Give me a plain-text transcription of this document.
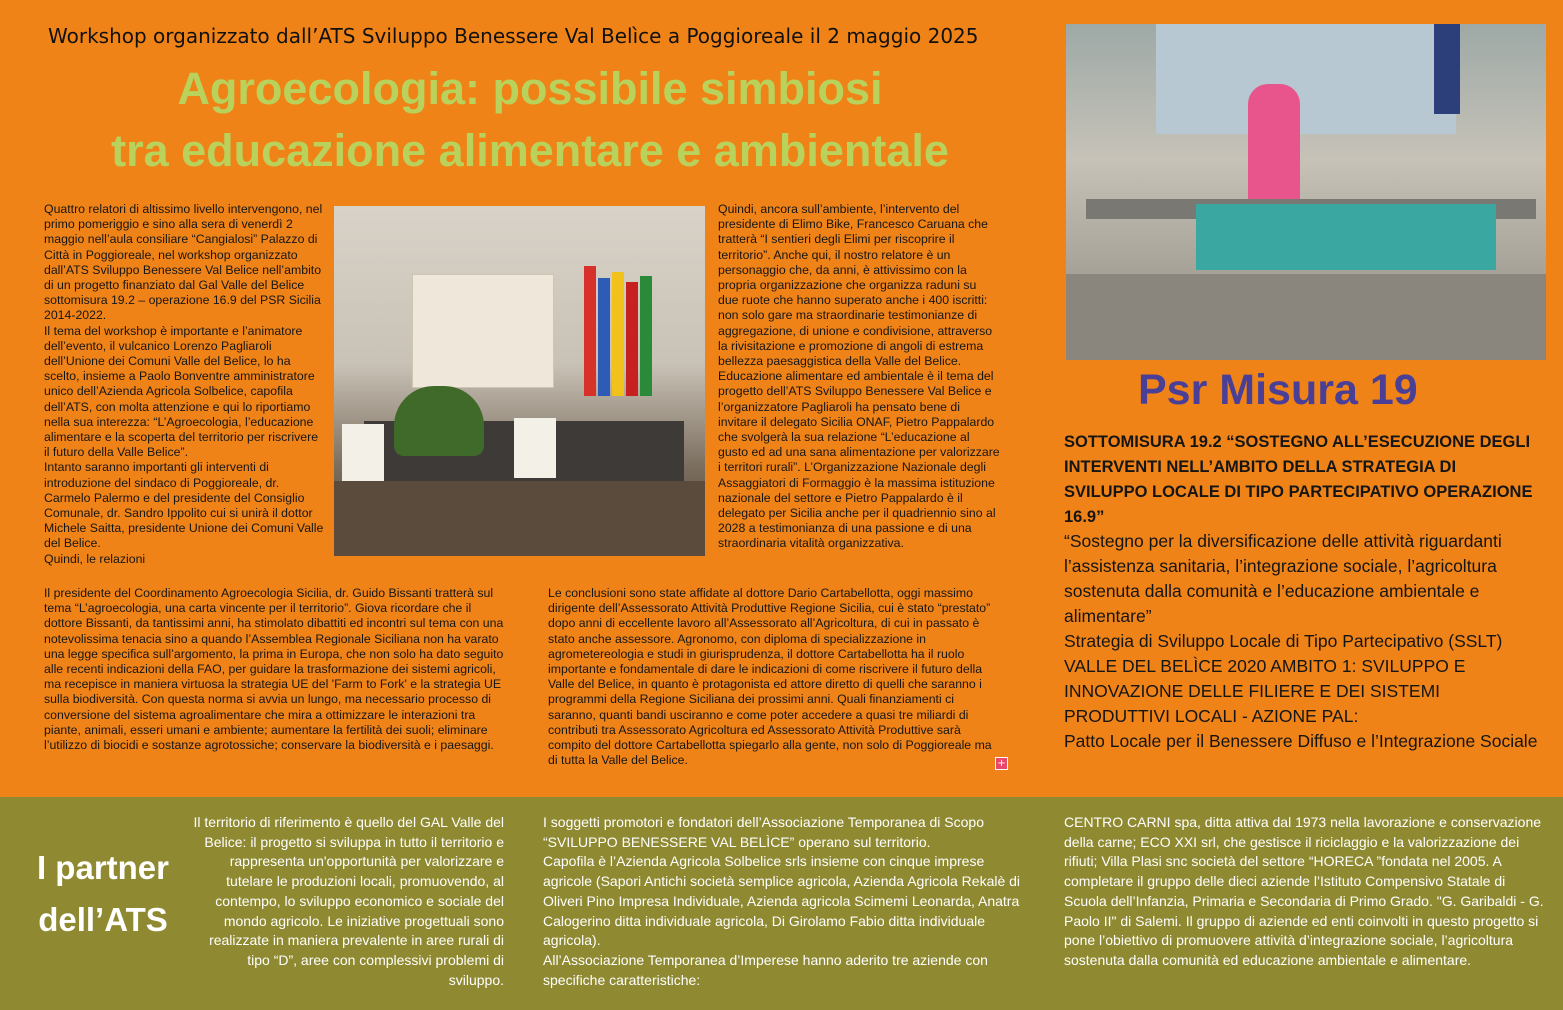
Workshop organizzato dall’ATS Sviluppo Benessere Val Belìce a Poggioreale il 2 maggio 2025
Agroecologia: possibile simbiosi
tra educazione alimentare e ambientale

Quattro relatori di altissimo livello intervengono, nel primo pomeriggio e sino alla sera di venerdì 2 maggio nell’aula consiliare “Cangialosi” Palazzo di Città in Poggioreale, nel workshop organizzato dall’ATS Sviluppo Benessere Val Belice nell’ambito di un progetto finanziato dal Gal Valle del Belice sottomisura 19.2 – operazione 16.9 del PSR Sicilia 2014-2022.

Il tema del workshop è importante e l’animatore dell’evento, il vulcanico Lorenzo Pagliaroli dell’Unione dei Comuni Valle del Belice, lo ha scelto, insieme a Paolo Bonventre amministratore unico dell’Azienda Agricola Solbelice, capofila dell’ATS, con molta attenzione e qui lo riportiamo nella sua interezza: “L’Agroecologia, l’educazione alimentare e la scoperta del territorio per riscrivere il futuro della Valle Belice”.

Intanto saranno importanti gli interventi di introduzione del sindaco di Poggioreale, dr. Carmelo Palermo e del presidente del Consiglio Comunale, dr. Sandro Ippolito cui si unirà il dottor Michele Saitta, presidente Unione dei Comuni Valle del Belice.

Quindi, le relazioni

Quindi, ancora sull’ambiente, l’intervento del presidente di Elimo Bike, Francesco Caruana che tratterà “I sentieri degli Elimi per riscoprire il territorio”. Anche qui, il nostro relatore è un personaggio che, da anni, è attivissimo con la propria organizzazione che organizza raduni su due ruote che hanno superato anche i 400 iscritti: non solo gare ma straordinarie testimonianze di aggregazione, di unione e condivisione, attraverso la rivisitazione e promozione di angoli di estrema bellezza paesaggistica della Valle del Belice.

Educazione alimentare ed ambientale è il tema del progetto dell’ATS Sviluppo Benessere Val Belice e l’organizzatore Pagliaroli ha pensato bene di invitare il delegato Sicilia ONAF, Pietro Pappalardo che svolgerà la sua relazione “L’educazione al gusto ed ad una sana alimentazione per valorizzare i territori rurali”. L’Organizzazione Nazionale degli Assaggiatori di Formaggio è la massima istituzione nazionale del settore e Pietro Pappalardo è il delegato per Sicilia anche per il quadriennio sino al 2028 a testimonianza di una passione e di una straordinaria vitalità organizzativa.

Il presidente del Coordinamento Agroecologia Sicilia, dr. Guido Bissanti tratterà sul tema “L’agroecologia, una carta vincente per il territorio”. Giova ricordare che il dottore Bissanti, da tantissimi anni, ha stimolato dibattiti ed incontri sul tema con una notevolissima tenacia sino a quando l’Assemblea Regionale Siciliana non ha varato una legge specifica sull’argomento, la prima in Europa, che non solo ha dato seguito alle recenti indicazioni della FAO, per guidare la trasformazione dei sistemi agricoli, ma recepisce in maniera virtuosa la strategia UE del 'Farm to Fork' e la strategia UE sulla biodiversità. Con questa norma si avvia un lungo, ma necessario processo di conversione del sistema agroalimentare che mira a ottimizzare le interazioni tra piante, animali, esseri umani e ambiente; aumentare la fertilità dei suoli; eliminare l’utilizzo di biocidi e sostanze agrotossiche; conservare la biodiversità e i paesaggi.

Le conclusioni sono state affidate al dottore Dario Cartabellotta, oggi massimo dirigente dell’Assessorato Attività Produttive Regione Sicilia, cui è stato “prestato” dopo anni di eccellente lavoro all’Assessorato all’Agricoltura, di cui in passato è stato anche assessore. Agronomo, con diploma di specializzazione in agrometereologia e studi in giurisprudenza, il dottore Cartabellotta ha il ruolo importante e fondamentale di dare le indicazioni di come riscrivere il futuro della Valle del Belice, in quanto è protagonista ed attore diretto di quelli che saranno i programmi della Regione Siciliana dei prossimi anni. Quali finanziamenti ci saranno, quanti bandi usciranno e come poter accedere a quasi tre miliardi di contributi tra Assessorato Agricoltura ed Assessorato Attività Produttive sarà compito del dottore Cartabellotta spiegarlo alla gente, non solo di Poggioreale ma di tutta la Valle del Belice.	+
Psr Misura 19
SOTTOMISURA 19.2 “SOSTEGNO ALL’ESECUZIONE DEGLI INTERVENTI NELL’AMBITO DELLA STRATEGIA DI SVILUPPO LOCALE DI TIPO PARTECIPATIVO OPERAZIONE 16.9”
“Sostegno per la diversificazione delle attività riguardanti l’assistenza sanitaria, l’integrazione sociale, l’agricoltura sostenuta dalla comunità e l’educazione ambientale e alimentare”
Strategia di Sviluppo Locale di Tipo Partecipativo (SSLT)
VALLE DEL BELÌCE 2020 AMBITO 1: SVILUPPO E INNOVAZIONE DELLE FILIERE E DEI SISTEMI PRODUTTIVI LOCALI - AZIONE PAL:
Patto Locale per il Benessere Diffuso e l’Integrazione Sociale
I partner dell’ATS

Il territorio di riferimento è quello del GAL Valle del Belice: il progetto si sviluppa in tutto il territorio e rappresenta un'opportunità per valorizzare e tutelare le produzioni locali, promuovendo, al contempo, lo sviluppo economico e sociale del mondo agricolo. Le iniziative progettuali sono realizzate in maniera prevalente in aree rurali di tipo “D”, aree con complessivi problemi di sviluppo.

I soggetti promotori e fondatori dell’Associazione Temporanea di Scopo “SVILUPPO BENESSERE VAL BELÌCE” operano sul territorio.

Capofila è l’Azienda Agricola Solbelice srls insieme con cinque imprese agricole (Sapori Antichi società semplice agricola, Azienda Agricola Rekalè di Oliveri Pino Impresa Individuale, Azienda agricola Scimemi Leonarda, Anatra Calogerino ditta individuale agricola, Di Girolamo Fabio ditta individuale agricola).

All’Associazione Temporanea d’Imperese hanno aderito tre aziende con specifiche caratteristiche:

CENTRO CARNI spa, ditta attiva dal 1973 nella lavorazione e conservazione della carne; ECO XXI srl, che gestisce il riciclaggio e la valorizzazione dei rifiuti; Villa Plasi snc società del settore “HORECA ”fondata nel 2005. A completare il gruppo delle dieci aziende l’Istituto Compensivo Statale di Scuola dell’Infanzia, Primaria e Secondaria di Primo Grado. "G. Garibaldi - G. Paolo II" di Salemi. Il gruppo di aziende ed enti coinvolti in questo progetto si pone l’obiettivo di promuovere attività d’integrazione sociale, l’agricoltura sostenuta dalla comunità ed educazione ambientale e alimentare.
